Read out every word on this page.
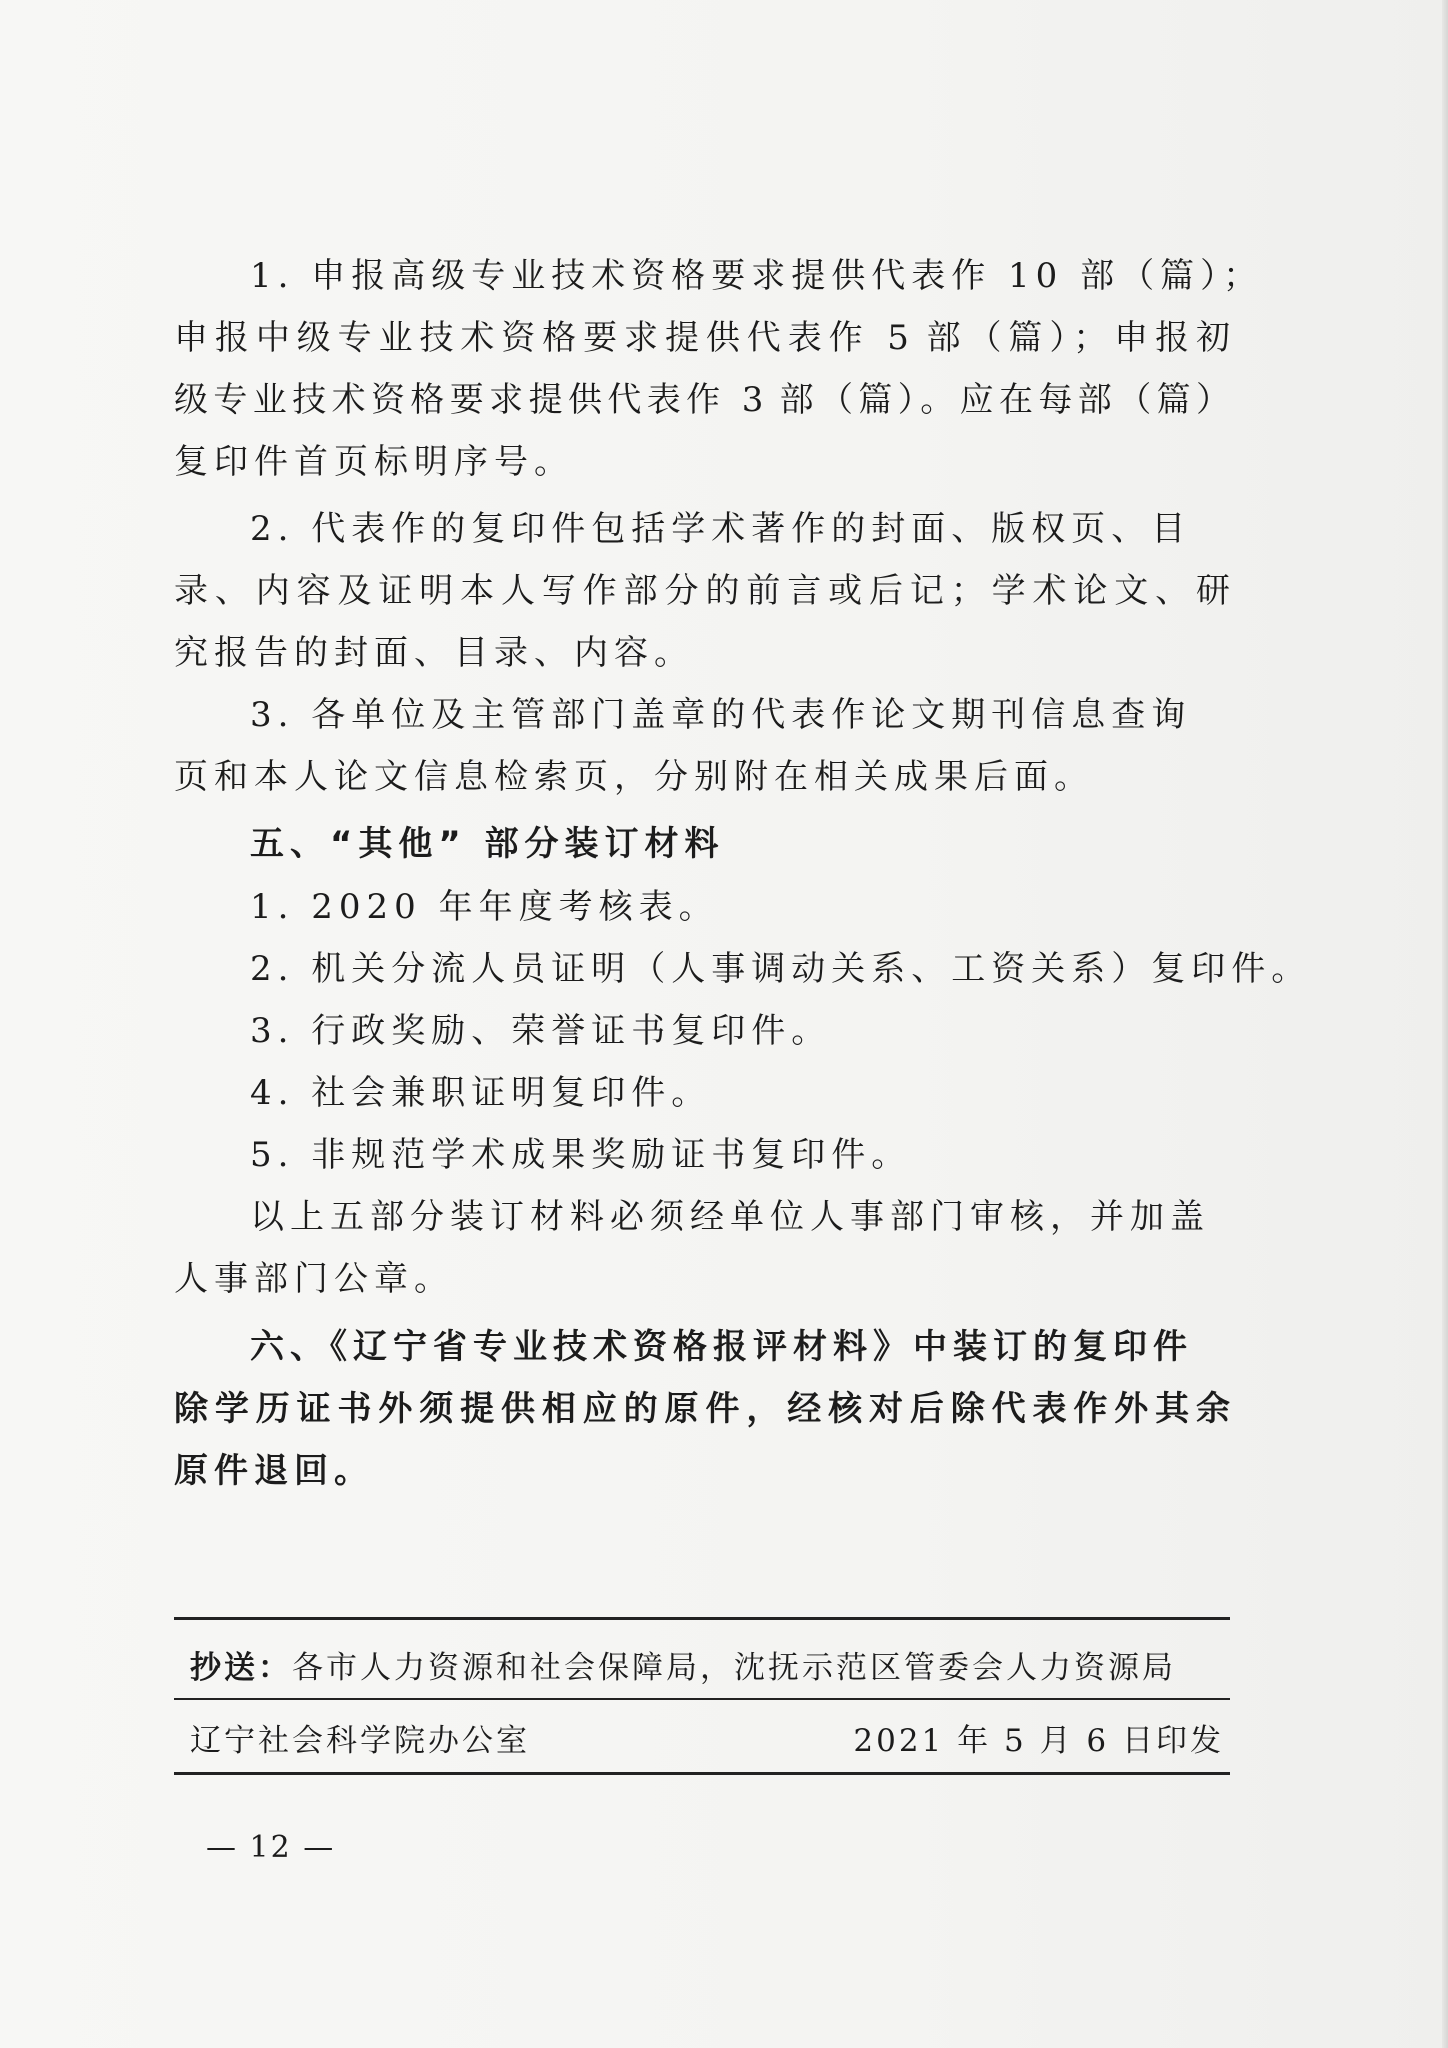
1. 申报高级专业技术资格要求提供代表作 10 部（篇）；
申报中级专业技术资格要求提供代表作 5 部（篇）；申报初
级专业技术资格要求提供代表作 3 部（篇）。应在每部（篇）
复印件首页标明序号。
2. 代表作的复印件包括学术著作的封面、版权页、目
录、内容及证明本人写作部分的前言或后记；学术论文、研
究报告的封面、目录、内容。
3. 各单位及主管部门盖章的代表作论文期刊信息查询
页和本人论文信息检索页，分别附在相关成果后面。
五、“其他” 部分装订材料
1. 2020 年年度考核表。
2. 机关分流人员证明（人事调动关系、工资关系）复印件。
3. 行政奖励、荣誉证书复印件。
4. 社会兼职证明复印件。
5. 非规范学术成果奖励证书复印件。
以上五部分装订材料必须经单位人事部门审核，并加盖
人事部门公章。
六、《辽宁省专业技术资格报评材料》中装订的复印件
除学历证书外须提供相应的原件，经核对后除代表作外其余
原件退回。
抄送：各市人力资源和社会保障局，沈抚示范区管委会人力资源局
辽宁社会科学院办公室	2021 年 5 月 6 日印发
— 12 —
